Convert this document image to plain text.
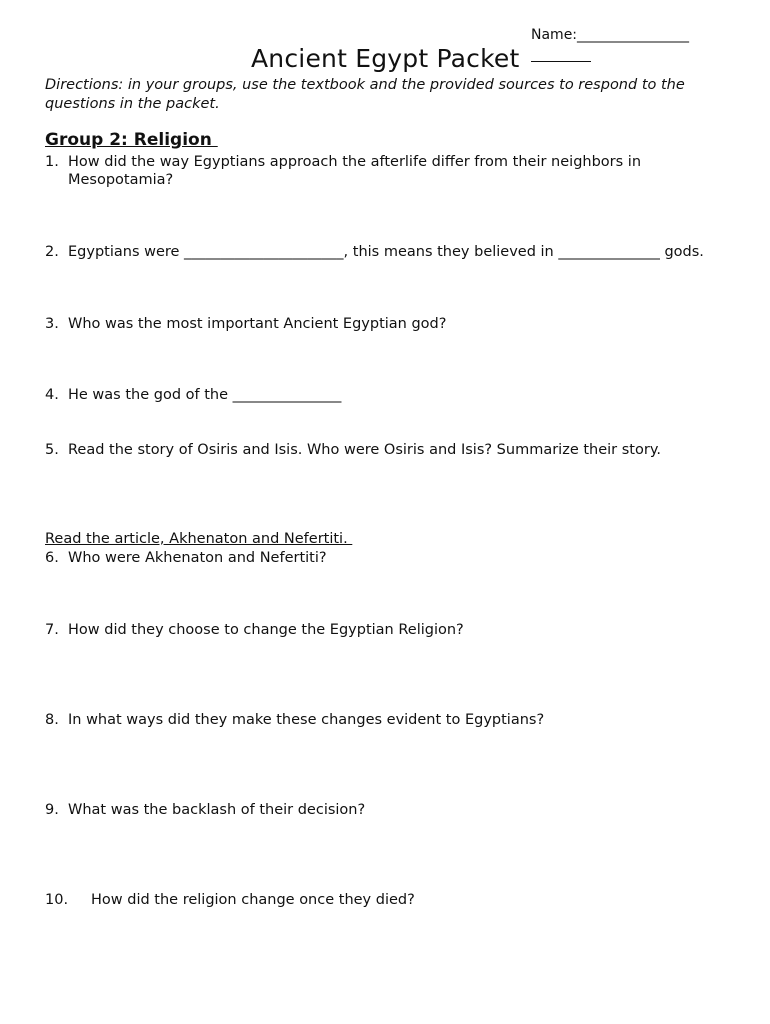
Name:________________
Ancient Egypt Packet
Directions: in your groups, use the textbook and the provided sources to respond to the questions in the packet.
Group 2: Religion
1. How did the way Egyptians approach the afterlife differ from their neighbors in Mesopotamia?
2. Egyptians were ______________________, this means they believed in ______________ gods.
3. Who was the most important Ancient Egyptian god?
4. He was the god of the _______________
5. Read the story of Osiris and Isis. Who were Osiris and Isis? Summarize their story.
Read the article, Akhenaton and Nefertiti.
6. Who were Akhenaton and Nefertiti?
7. How did they choose to change the Egyptian Religion?
8. In what ways did they make these changes evident to Egyptians?
9. What was the backlash of their decision?
10.	How did the religion change once they died?
